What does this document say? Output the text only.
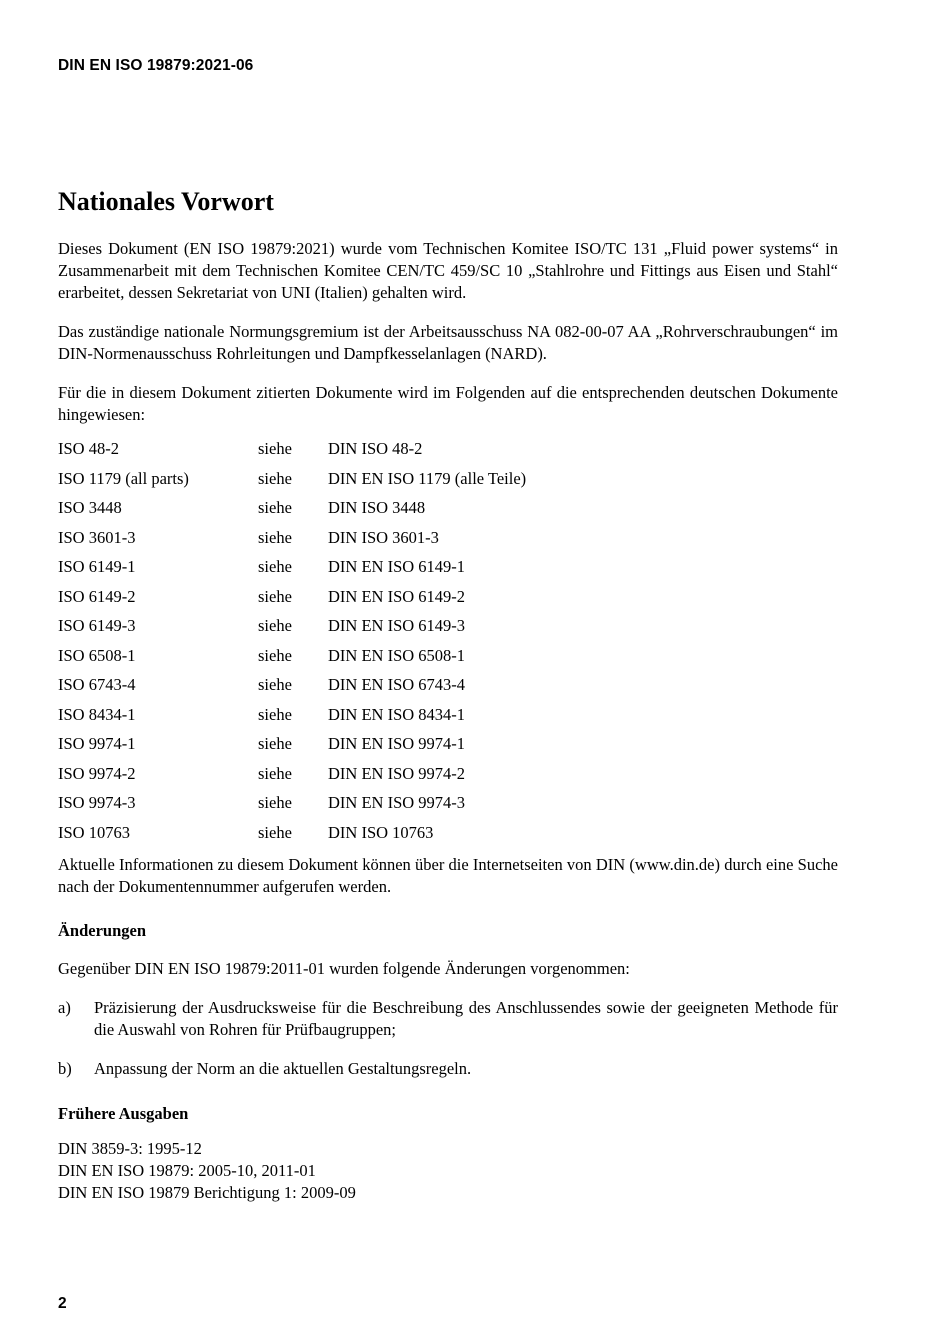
DIN EN ISO 19879:2021-06
Nationales Vorwort

Dieses Dokument (EN ISO 19879:2021) wurde vom Technischen Komitee ISO/TC 131 „Fluid power systems“ in Zusammenarbeit mit dem Technischen Komitee CEN/TC 459/SC 10 „Stahlrohre und Fittings aus Eisen und Stahl“ erarbeitet, dessen Sekretariat von UNI (Italien) gehalten wird.

Das zuständige nationale Normungsgremium ist der Arbeitsausschuss NA 082-00-07 AA „Rohrverschraubungen“ im DIN-Normenausschuss Rohrleitungen und Dampfkesselanlagen (NARD).

Für die in diesem Dokument zitierten Dokumente wird im Folgenden auf die entsprechenden deutschen Dokumente hingewiesen:

ISO 48-2	siehe	DIN ISO 48-2
ISO 1179 (all parts)	siehe	DIN EN ISO 1179 (alle Teile)
ISO 3448	siehe	DIN ISO 3448
ISO 3601-3	siehe	DIN ISO 3601-3
ISO 6149-1	siehe	DIN EN ISO 6149-1
ISO 6149-2	siehe	DIN EN ISO 6149-2
ISO 6149-3	siehe	DIN EN ISO 6149-3
ISO 6508-1	siehe	DIN EN ISO 6508-1
ISO 6743-4	siehe	DIN EN ISO 6743-4
ISO 8434-1	siehe	DIN EN ISO 8434-1
ISO 9974-1	siehe	DIN EN ISO 9974-1
ISO 9974-2	siehe	DIN EN ISO 9974-2
ISO 9974-3	siehe	DIN EN ISO 9974-3
ISO 10763	siehe	DIN ISO 10763

Aktuelle Informationen zu diesem Dokument können über die Internetseiten von DIN (www.din.de) durch eine Suche nach der Dokumentennummer aufgerufen werden.

Änderungen

Gegenüber DIN EN ISO 19879:2011-01 wurden folgende Änderungen vorgenommen:

a)	Präzisierung der Ausdrucksweise für die Beschreibung des Anschlussendes sowie der geeigneten Methode für die Auswahl von Rohren für Prüfbaugruppen;
b)	Anpassung der Norm an die aktuellen Gestaltungsregeln.
Frühere Ausgaben
DIN 3859-3: 1995-12
DIN EN ISO 19879: 2005-10, 2011-01
DIN EN ISO 19879 Berichtigung 1: 2009-09
2
